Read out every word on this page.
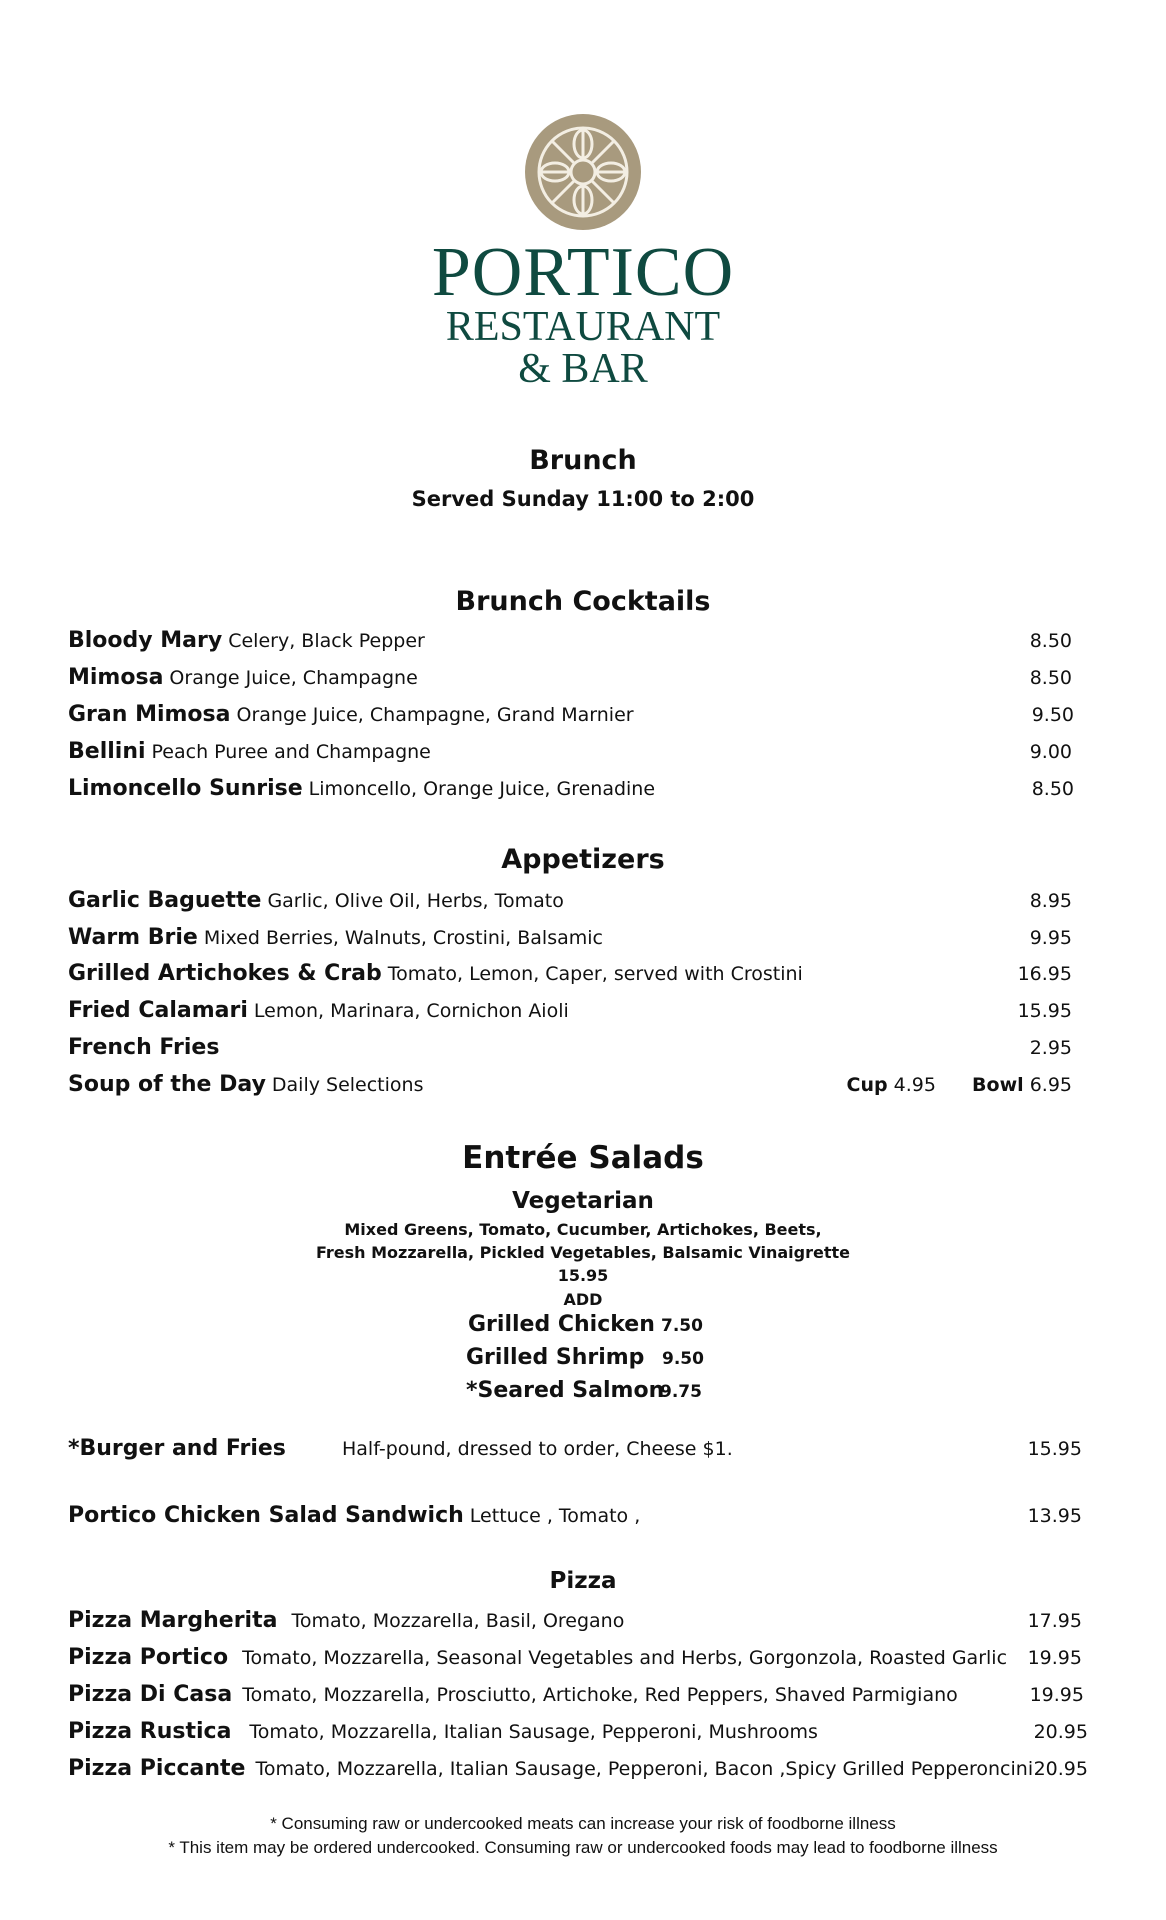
PORTICO
RESTAURANT
& BAR
Brunch
Served Sunday 11:00 to 2:00
Brunch Cocktails
Bloody Mary Celery, Black Pepper	8.50
Mimosa Orange Juice, Champagne	8.50
Gran Mimosa Orange Juice, Champagne, Grand Marnier	9.50
Bellini Peach Puree and Champagne	9.00
Limoncello Sunrise Limoncello, Orange Juice, Grenadine	8.50
Appetizers
Garlic Baguette Garlic, Olive Oil, Herbs, Tomato	8.95
Warm Brie Mixed Berries, Walnuts, Crostini, Balsamic	9.95
Grilled Artichokes & Crab Tomato, Lemon, Caper, served with Crostini	16.95
Fried Calamari Lemon, Marinara, Cornichon Aioli	15.95
French Fries	2.95
Soup of the Day Daily Selections	Cup 4.95 Bowl 6.95
Entrée Salads
Vegetarian
Mixed Greens, Tomato, Cucumber, Artichokes, Beets,
Fresh Mozzarella, Pickled Vegetables, Balsamic Vinaigrette
15.95
ADD
Grilled Chicken 7.50
Grilled Shrimp 9.50
*Seared Salmon9.75
*Burger and Fries	Half-pound, dressed to order, Cheese $1.	15.95
Portico Chicken Salad Sandwich Lettuce , Tomato ,	13.95
Pizza
Pizza Margherita Tomato, Mozzarella, Basil, Oregano	17.95
Pizza Portico Tomato, Mozzarella, Seasonal Vegetables and Herbs, Gorgonzola, Roasted Garlic 19.95
Pizza Di Casa Tomato, Mozzarella, Prosciutto, Artichoke, Red Peppers, Shaved Parmigiano	19.95
Pizza Rustica Tomato, Mozzarella, Italian Sausage, Pepperoni, Mushrooms	20.95
Pizza Piccante Tomato, Mozzarella, Italian Sausage, Pepperoni, Bacon ,Spicy Grilled Pepperoncini 20.95
* Consuming raw or undercooked meats can increase your risk of foodborne illness
* This item may be ordered undercooked. Consuming raw or undercooked foods may lead to foodborne illness
